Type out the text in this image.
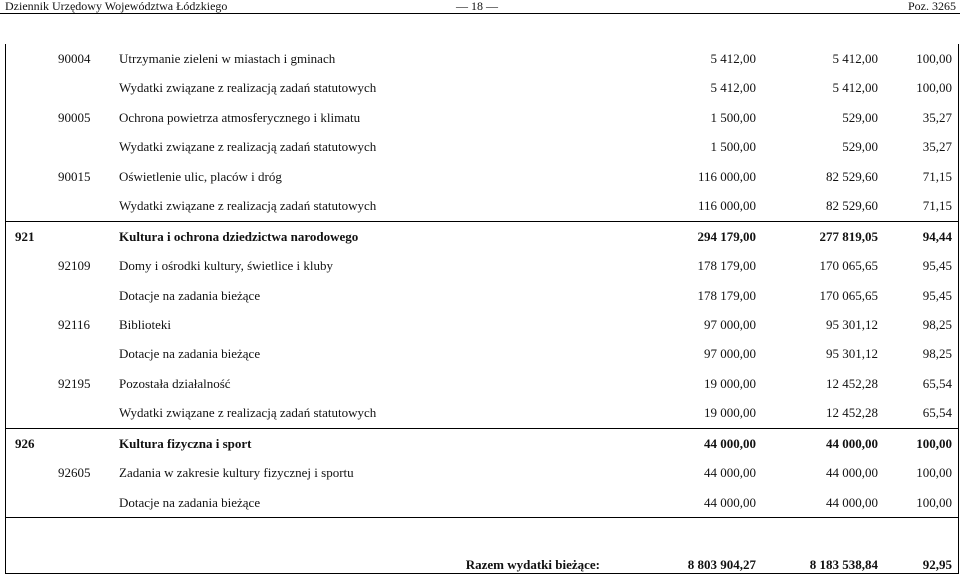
Dziennik Urzędowy Województwa Łódzkiego	— 18 —	Poz. 3265
90004 Utrzymanie zieleni w miastach i gminach	5 412,00	5 412,00	100,00
Wydatki związane z realizacją zadań statutowych	5 412,00	5 412,00	100,00
90005 Ochrona powietrza atmosferycznego i klimatu	1 500,00	529,00	35,27
Wydatki związane z realizacją zadań statutowych	1 500,00	529,00	35,27
90015 Oświetlenie ulic, placów i dróg	116 000,00	82 529,60	71,15
Wydatki związane z realizacją zadań statutowych	116 000,00	82 529,60	71,15
921	Kultura i ochrona dziedzictwa narodowego	294 179,00	277 819,05	94,44
92109 Domy i ośrodki kultury, świetlice i kluby	178 179,00	170 065,65	95,45
Dotacje na zadania bieżące	178 179,00	170 065,65	95,45
92116 Biblioteki	97 000,00	95 301,12	98,25
Dotacje na zadania bieżące	97 000,00	95 301,12	98,25
92195 Pozostała działalność	19 000,00	12 452,28	65,54
Wydatki związane z realizacją zadań statutowych	19 000,00	12 452,28	65,54
926	Kultura fizyczna i sport	44 000,00	44 000,00	100,00
92605 Zadania w zakresie kultury fizycznej i sportu	44 000,00	44 000,00	100,00
Dotacje na zadania bieżące	44 000,00	44 000,00	100,00
Razem wydatki bieżące:	8 803 904,27	8 183 538,84	92,95
